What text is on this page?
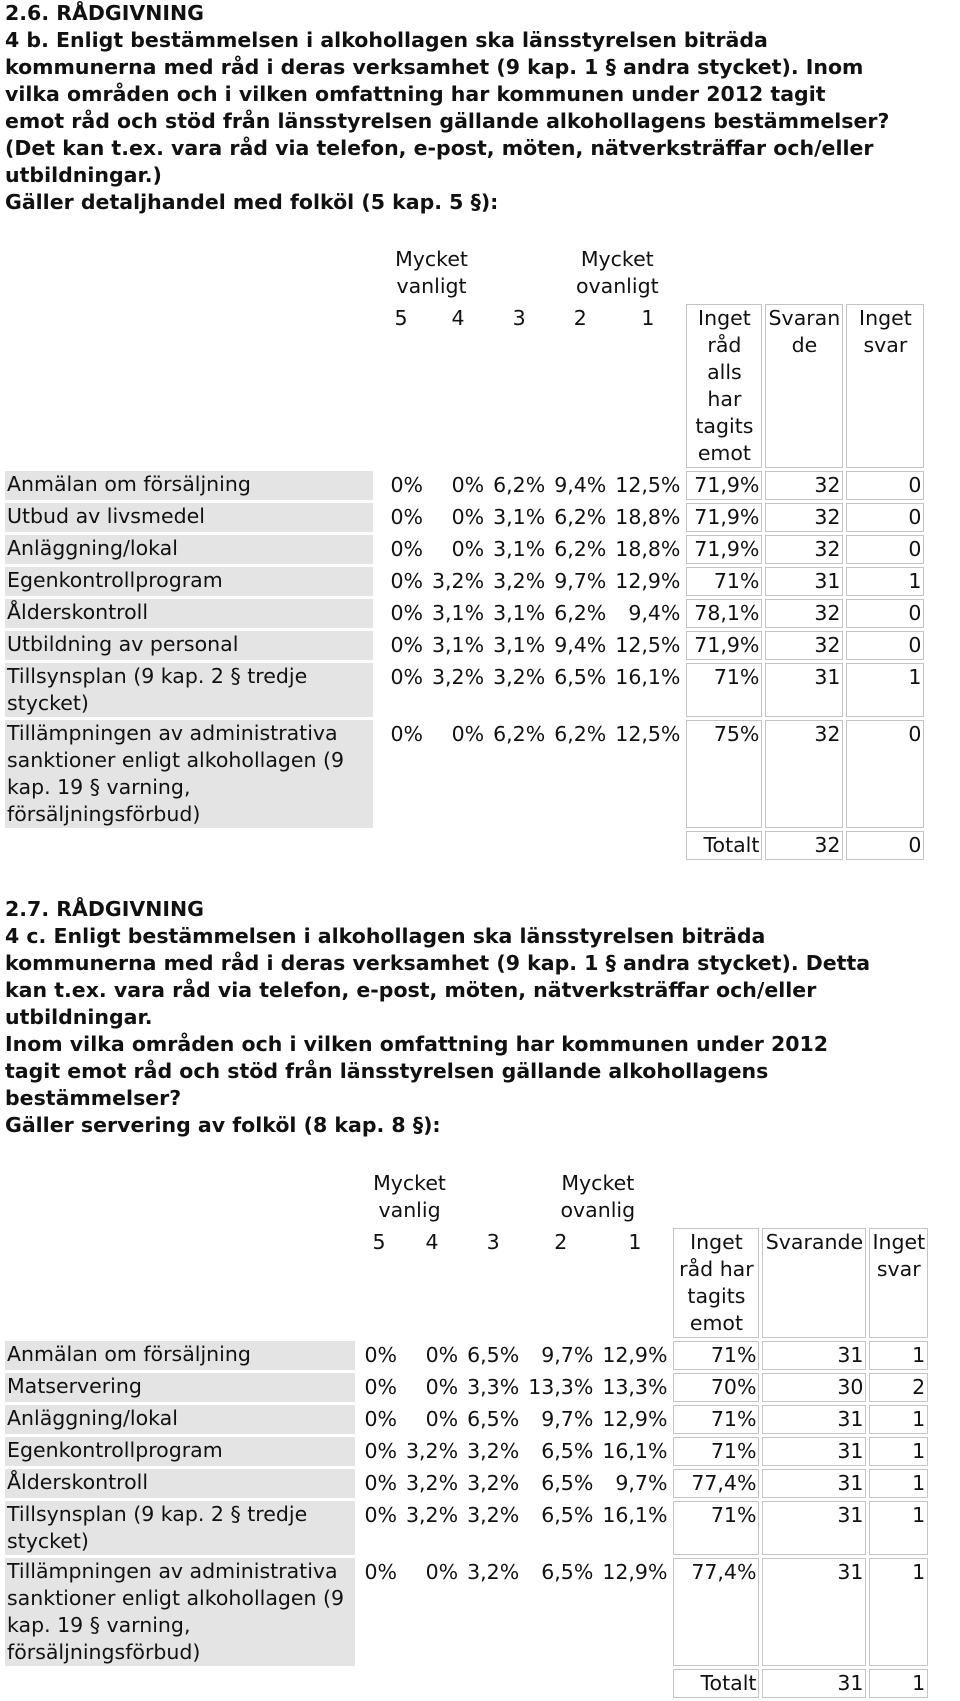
2.6. RÅDGIVNING
4 b. Enligt bestämmelsen i alkohollagen ska länsstyrelsen biträda
kommunerna med råd i deras verksamhet (9 kap. 1 § andra stycket). Inom
vilka områden och i vilken omfattning har kommunen under 2012 tagit
emot råd och stöd från länsstyrelsen gällande alkohollagens bestämmelser?
(Det kan t.ex. vara råd via telefon, e-post, möten, nätverksträffar och/eller
utbildningar.)
Gäller detaljhandel med folköl (5 kap. 5 §):
	Mycket vanligt			Mycket ovanligt				
	5	4	3	2	1	Inget råd alls har tagits emot	Svaran de	Inget svar
Anmälan om försäljning	0%	0%	6,2%	9,4%	12,5%	71,9%	32	0
Utbud av livsmedel	0%	0%	3,1%	6,2%	18,8%	71,9%	32	0
Anläggning/lokal	0%	0%	3,1%	6,2%	18,8%	71,9%	32	0
Egenkontrollprogram	0%	3,2%	3,2%	9,7%	12,9%	71%	31	1
Ålderskontroll	0%	3,1%	3,1%	6,2%	9,4%	78,1%	32	0
Utbildning av personal	0%	3,1%	3,1%	9,4%	12,5%	71,9%	32	0
Tillsynsplan (9 kap. 2 § tredje stycket)	0%	3,2%	3,2%	6,5%	16,1%	71%	31	1
Tillämpningen av administrativa sanktioner enligt alkohollagen (9 kap. 19 § varning, försäljningsförbud)	0%	0%	6,2%	6,2%	12,5%	75%	32	0
						Totalt	32	0
2.7. RÅDGIVNING
4 c. Enligt bestämmelsen i alkohollagen ska länsstyrelsen biträda
kommunerna med råd i deras verksamhet (9 kap. 1 § andra stycket). Detta
kan t.ex. vara råd via telefon, e-post, möten, nätverksträffar och/eller
utbildningar.
Inom vilka områden och i vilken omfattning har kommunen under 2012
tagit emot råd och stöd från länsstyrelsen gällande alkohollagens
bestämmelser?
Gäller servering av folköl (8 kap. 8 §):
	Mycket vanlig			Mycket ovanlig				
	5	4	3	2	1	Inget råd har tagits emot	Svarande	Inget svar
Anmälan om försäljning	0%	0%	6,5%	9,7%	12,9%	71%	31	1
Matservering	0%	0%	3,3%	13,3%	13,3%	70%	30	2
Anläggning/lokal	0%	0%	6,5%	9,7%	12,9%	71%	31	1
Egenkontrollprogram	0%	3,2%	3,2%	6,5%	16,1%	71%	31	1
Ålderskontroll	0%	3,2%	3,2%	6,5%	9,7%	77,4%	31	1
Tillsynsplan (9 kap. 2 § tredje stycket)	0%	3,2%	3,2%	6,5%	16,1%	71%	31	1
Tillämpningen av administrativa sanktioner enligt alkohollagen (9 kap. 19 § varning, försäljningsförbud)	0%	0%	3,2%	6,5%	12,9%	77,4%	31	1
						Totalt	31	1
